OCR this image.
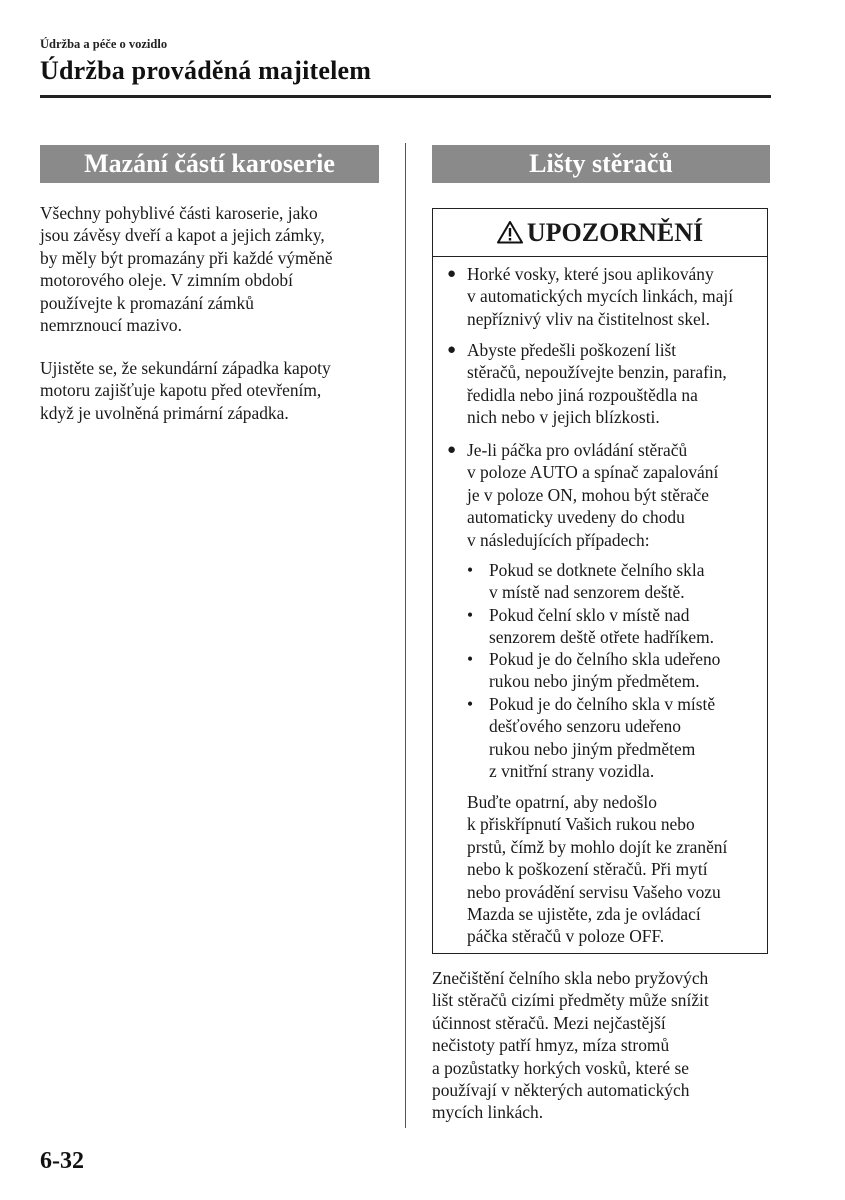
Údržba a péče o vozidlo
Údržba prováděná majitelem
Mazání částí karoserie

Všechny pohyblivé části karoserie, jako
jsou závěsy dveří a kapot a jejich zámky,
by měly být promazány při každé výměně
motorového oleje. V zimním období
používejte k promazání zámků
nemrznoucí mazivo.

Ujistěte se, že sekundární západka kapoty
motoru zajišťuje kapotu před otevřením,
když je uvolněná primární západka.

Lišty stěračů
UPOZORNĚNÍ
● Horké vosky, které jsou aplikovány
v automatických mycích linkách, mají
nepříznivý vliv na čistitelnost skel.

● Abyste předešli poškození lišt
stěračů, nepoužívejte benzin, parafin,
ředidla nebo jiná rozpouštědla na
nich nebo v jejich blízkosti.

● Je-li páčka pro ovládání stěračů
v poloze AUTO a spínač zapalování
je v poloze ON, mohou být stěrače
automaticky uvedeny do chodu
v následujících případech:

• Pokud se dotknete čelního skla
v místě nad senzorem deště.

• Pokud čelní sklo v místě nad
senzorem deště otřete hadříkem.

• Pokud je do čelního skla udeřeno
rukou nebo jiným předmětem.

• Pokud je do čelního skla v místě
dešťového senzoru udeřeno
rukou nebo jiným předmětem
z vnitřní strany vozidla.

Buďte opatrní, aby nedošlo
k přiskřípnutí Vašich rukou nebo
prstů, čímž by mohlo dojít ke zranění
nebo k poškození stěračů. Při mytí
nebo provádění servisu Vašeho vozu
Mazda se ujistěte, zda je ovládací
páčka stěračů v poloze OFF.

Znečištění čelního skla nebo pryžových
lišt stěračů cizími předměty může snížit
účinnost stěračů. Mezi nejčastější
nečistoty patří hmyz, míza stromů
a pozůstatky horkých vosků, které se
používají v některých automatických
mycích linkách.

6-32
